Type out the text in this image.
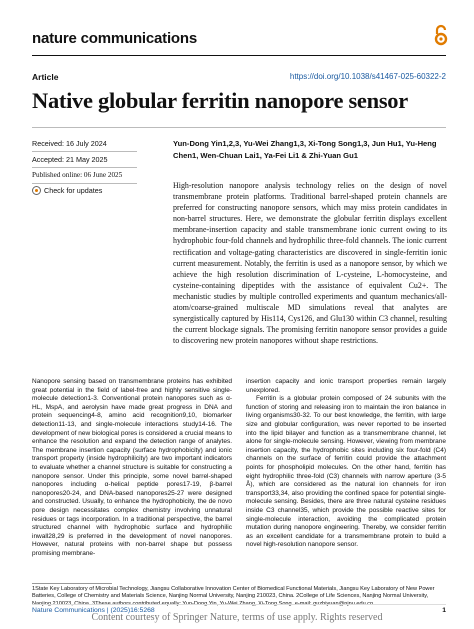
nature communications
Article	https://doi.org/10.1038/s41467-025-60322-2
Native globular ferritin nanopore sensor
Received: 16 July 2024
Accepted: 21 May 2025
Published online: 06 June 2025
Check for updates
Yun-Dong Yin1,2,3, Yu-Wei Zhang1,3, Xi-Tong Song1,3, Jun Hu1, Yu-Heng Chen1, Wen-Chuan Lai1, Ya-Fei Li1 & Zhi-Yuan Gu1
High-resolution nanopore analysis technology relies on the design of novel transmembrane protein platforms. Traditional barrel-shaped protein channels are preferred for constructing nanopore sensors, which may miss protein candidates in non-barrel structures. Here, we demonstrate the globular ferritin displays excellent membrane-insertion capacity and stable transmembrane ionic current owing to its hydrophobic four-fold channels and hydrophilic three-fold channels. The ionic current rectification and voltage-gating characteristics are discovered in single-ferritin ionic current measurement. Notably, the ferritin is used as a nanopore sensor, by which we achieve the high resolution discrimination of L-cysteine, L-homocysteine, and cysteine-containing dipeptides with the assistance of equivalent Cu2+. The mechanistic studies by multiple controlled experiments and quantum mechanics/all-atom/coarse-grained multiscale MD simulations reveal that analytes are synergistically captured by His114, Cys126, and Glu130 within C3 channel, resulting the current blockage signals. The promising ferritin nanopore sensor provides a guide to discovering new protein nanopores without shape restrictions.

Nanopore sensing based on transmembrane proteins has exhibited great potential in the field of label-free and highly sensitive single-molecule detection1-3. Conventional protein nanopores such as α-HL, MspA, and aerolysin have made great progress in DNA and protein sequencing4-8, amino acid recognition9,10, biomarker detection11-13, and single-molecule interactions study14-16. The development of new biological pores is considered a crucial means to enhance the resolution and expand the detection range of analytes. The membrane insertion capacity (surface hydrophobicity) and ionic transport property (inside hydrophilicity) are two important indicators to evaluate whether a channel structure is suitable for constructing a nanopore sensor. Under this principle, some novel barrel-shaped nanopores including α-helical peptide pores17-19, β-barrel nanopores20-24, and DNA-based nanopores25-27 were designed and constructed. Usually, to enhance the hydrophobicity, the de novo pore design necessitates complex chemistry involving unnatural residues or tags incorporation. In a traditional perspective, the barrel structured channel with hydrophobic surface and hydrophilic inwall28,29 is preferred in the development of novel nanopores. However, natural proteins with non-barrel shape but possess promising membrane-

insertion capacity and ionic transport properties remain largely unexplored.

Ferritin is a globular protein composed of 24 subunits with the function of storing and releasing iron to maintain the iron balance in living organisms30-32. To our best knowledge, the ferritin, with large size and globular configuration, was never reported to be inserted into the lipid bilayer and function as a transmembrane channel, let alone for single-molecule sensing. However, viewing from membrane insertion capacity, the hydrophobic sites including six four-fold (C4) channels on the surface of ferritin could provide the attachment points for phospholipid molecules. On the other hand, ferritin has eight hydrophilic three-fold (C3) channels with narrow aperture (3-5 Å), which are considered as the natural ion channels for iron transport33,34, also providing the confined space for potential single-molecule sensing. Besides, there are three natural cysteine residues inside C3 channel35, which provide the possible reactive sites for single-molecule interaction, avoiding the complicated protein mutation during nanopore engineering. Thereby, we consider ferritin as an excellent candidate for a transmembrane protein to build a novel high-resolution nanopore sensor.

1State Key Laboratory of Microbial Technology, Jiangsu Collaborative Innovation Center of Biomedical Functional Materials, Jiangsu Key Laboratory of New Power Batteries, College of Chemistry and Materials Science, Nanjing Normal University, Nanjing 210023, China. 2College of Life Sciences, Nanjing Normal University,
Nature Communications | (2025)16:5268	1
Content courtesy of Springer Nature, terms of use apply. Rights reserved
